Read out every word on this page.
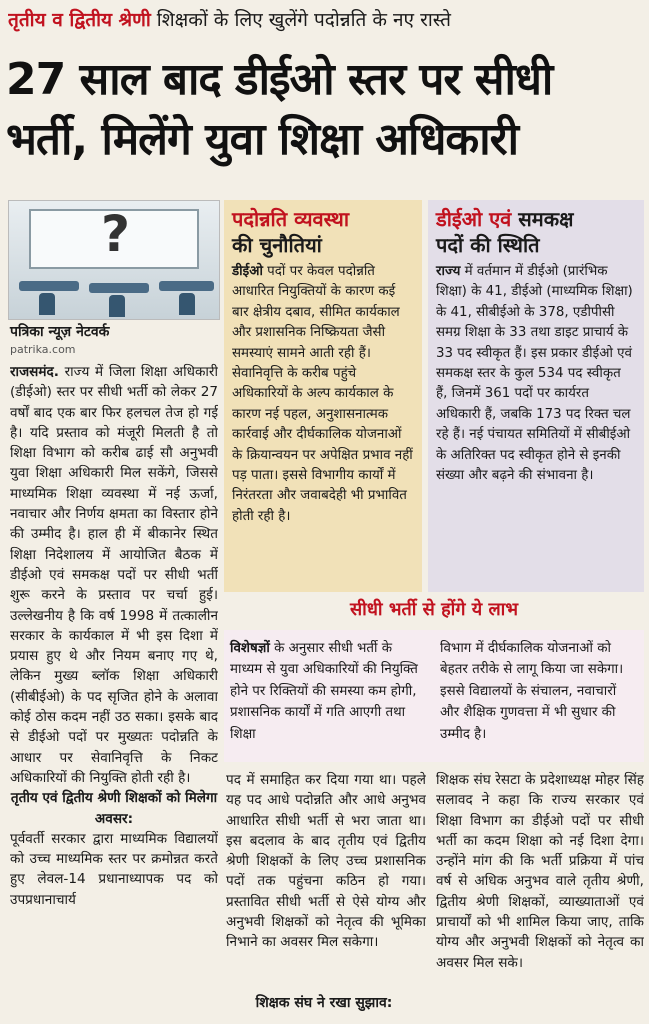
तृतीय व द्वितीय श्रेणी शिक्षकों के लिए खुलेंगे पदोन्नति के नए रास्ते
27 साल बाद डीईओ स्तर पर सीधी
भर्ती, मिलेंगे युवा शिक्षा अधिकारी
?
पत्रिका न्यूज़ नेटवर्क
patrika.com
राजसमंद. राज्य में जिला शिक्षा अधिकारी (डीईओ) स्तर पर सीधी भर्ती को लेकर 27 वर्षों बाद एक बार फिर हलचल तेज हो गई है। यदि प्रस्ताव को मंजूरी मिलती है तो शिक्षा विभाग को करीब ढाई सौ अनुभवी युवा शिक्षा अधिकारी मिल सकेंगे, जिससे माध्यमिक शिक्षा व्यवस्था में नई ऊर्जा, नवाचार और निर्णय क्षमता का विस्तार होने की उम्मीद है। हाल ही में बीकानेर स्थित शिक्षा निदेशालय में आयोजित बैठक में डीईओ एवं समकक्ष पदों पर सीधी भर्ती शुरू करने के प्रस्ताव पर चर्चा हुई। उल्लेखनीय है कि वर्ष 1998 में तत्कालीन सरकार के कार्यकाल में भी इस दिशा में प्रयास हुए थे और नियम बनाए गए थे, लेकिन मुख्य ब्लॉक शिक्षा अधिकारी (सीबीईओ) के पद सृजित होने के अलावा कोई ठोस कदम नहीं उठ सका। इसके बाद से डीईओ पदों पर मुख्यतः पदोन्नति के आधार पर सेवानिवृत्ति के निकट अधिकारियों की नियुक्ति होती रही है।
तृतीय एवं द्वितीय श्रेणी शिक्षकों को मिलेगा अवसर:
पूर्ववर्ती सरकार द्वारा माध्यमिक विद्यालयों को उच्च माध्यमिक स्तर पर क्रमोन्नत करते हुए लेवल-14 प्रधानाध्यापक पद को उपप्रधानाचार्य
पदोन्नति व्यवस्था
की चुनौतियां

डीईओ पदों पर केवल पदोन्नति आधारित नियुक्तियों के कारण कई बार क्षेत्रीय दबाव, सीमित कार्यकाल और प्रशासनिक निष्क्रियता जैसी समस्याएं सामने आती रही हैं। सेवानिवृत्ति के करीब पहुंचे अधिकारियों के अल्प कार्यकाल के कारण नई पहल, अनुशासनात्मक कार्रवाई और दीर्घकालिक योजनाओं के क्रियान्वयन पर अपेक्षित प्रभाव नहीं पड़ पाता। इससे विभागीय कार्यों में निरंतरता और जवाबदेही भी प्रभावित होती रही है।

डीईओ एवं समकक्ष
पदों की स्थिति

राज्य में वर्तमान में डीईओ (प्रारंभिक शिक्षा) के 41, डीईओ (माध्यमिक शिक्षा) के 41, सीबीईओ के 378, एडीपीसी समग्र शिक्षा के 33 तथा डाइट प्राचार्य के 33 पद स्वीकृत हैं। इस प्रकार डीईओ एवं समकक्ष स्तर के कुल 534 पद स्वीकृत हैं, जिनमें 361 पदों पर कार्यरत अधिकारी हैं, जबकि 173 पद रिक्त चल रहे हैं। नई पंचायत समितियों में सीबीईओ के अतिरिक्त पद स्वीकृत होने से इनकी संख्या और बढ़ने की संभावना है।

सीधी भर्ती से होंगे ये लाभ

विशेषज्ञों के अनुसार सीधी भर्ती के माध्यम से युवा अधिकारियों की नियुक्ति होने पर रिक्तियों की समस्या कम होगी, प्रशासनिक कार्यों में गति आएगी तथा शिक्षा

विभाग में दीर्घकालिक योजनाओं को बेहतर तरीके से लागू किया जा सकेगा। इससे विद्यालयों के संचालन, नवाचारों और शैक्षिक गुणवत्ता में भी सुधार की उम्मीद है।

पद में समाहित कर दिया गया था। पहले यह पद आधे पदोन्नति और आधे अनुभव आधारित सीधी भर्ती से भरा जाता था। इस बदलाव के बाद तृतीय एवं द्वितीय श्रेणी शिक्षकों के लिए उच्च प्रशासनिक पदों तक पहुंचना कठिन हो गया। प्रस्तावित सीधी भर्ती से ऐसे योग्य और अनुभवी शिक्षकों को नेतृत्व की भूमिका निभाने का अवसर मिल सकेगा।
शिक्षक संघ ने रखा सुझाव:
शिक्षक संघ रेसटा के प्रदेशाध्यक्ष मोहर सिंह सलावद ने कहा कि राज्य सरकार एवं शिक्षा विभाग का डीईओ पदों पर सीधी भर्ती का कदम शिक्षा को नई दिशा देगा। उन्होंने मांग की कि भर्ती प्रक्रिया में पांच वर्ष से अधिक अनुभव वाले तृतीय श्रेणी, द्वितीय श्रेणी शिक्षकों, व्याख्याताओं एवं प्राचार्यों को भी शामिल किया जाए, ताकि योग्य और अनुभवी शिक्षकों को नेतृत्व का अवसर मिल सके।
